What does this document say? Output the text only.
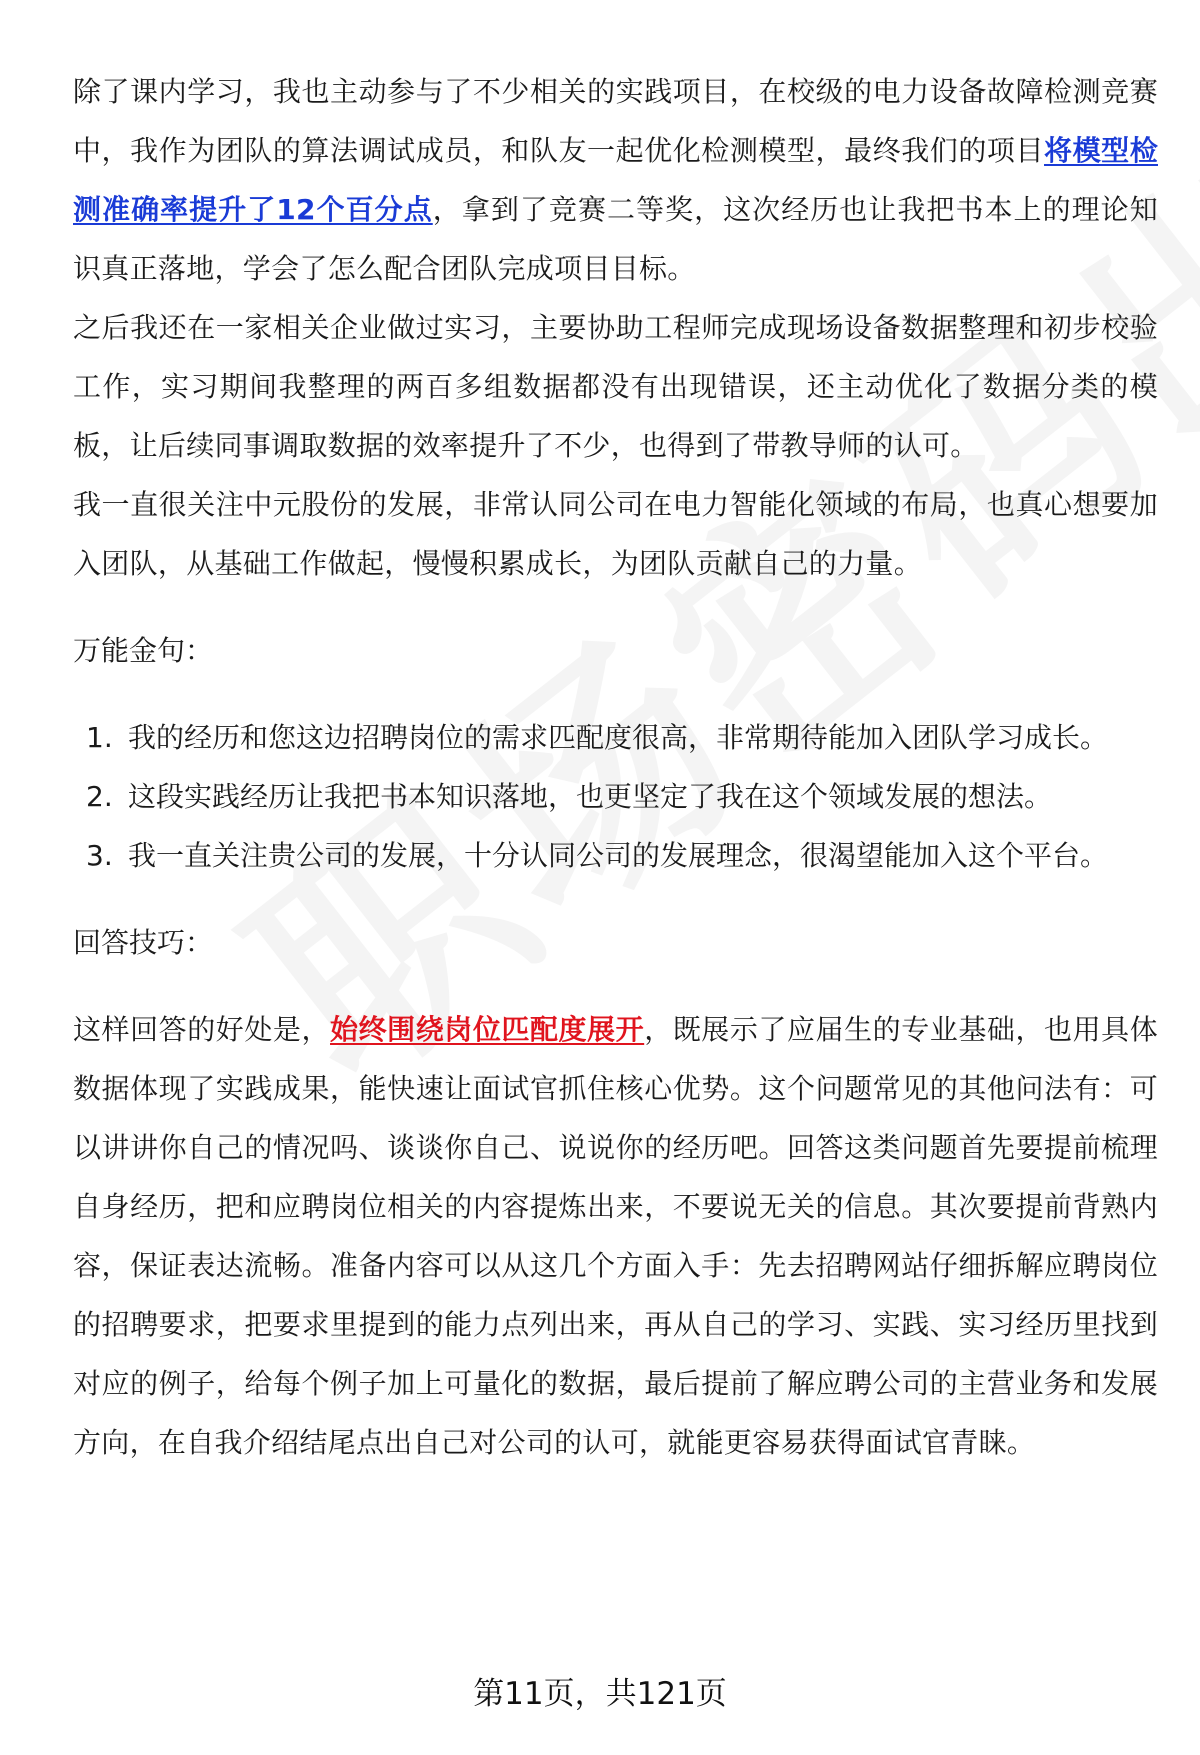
除了课内学习，我也主动参与了不少相关的实践项目，在校级的电力设备故障检测竞赛中，我作为团队的算法调试成员，和队友一起优化检测模型，最终我们的项目将模型检测准确率提升了12个百分点，拿到了竞赛二等奖，这次经历也让我把书本上的理论知识真正落地，学会了怎么配合团队完成项目目标。

之后我还在一家相关企业做过实习，主要协助工程师完成现场设备数据整理和初步校验工作，实习期间我整理的两百多组数据都没有出现错误，还主动优化了数据分类的模板，让后续同事调取数据的效率提升了不少，也得到了带教导师的认可。

我一直很关注中元股份的发展，非常认同公司在电力智能化领域的布局，也真心想要加入团队，从基础工作做起，慢慢积累成长，为团队贡献自己的力量。

万能金句：
1. 我的经历和您这边招聘岗位的需求匹配度很高，非常期待能加入团队学习成长。
2. 这段实践经历让我把书本知识落地，也更坚定了我在这个领域发展的想法。
3. 我一直关注贵公司的发展，十分认同公司的发展理念，很渴望能加入这个平台。
回答技巧：

这样回答的好处是，始终围绕岗位匹配度展开，既展示了应届生的专业基础，也用具体数据体现了实践成果，能快速让面试官抓住核心优势。这个问题常见的其他问法有：可以讲讲你自己的情况吗、谈谈你自己、说说你的经历吧。回答这类问题首先要提前梳理自身经历，把和应聘岗位相关的内容提炼出来，不要说无关的信息。其次要提前背熟内容，保证表达流畅。准备内容可以从这几个方面入手：先去招聘网站仔细拆解应聘岗位的招聘要求，把要求里提到的能力点列出来，再从自己的学习、实践、实习经历里找到对应的例子，给每个例子加上可量化的数据，最后提前了解应聘公司的主营业务和发展方向，在自我介绍结尾点出自己对公司的认可，就能更容易获得面试官青睐。

第11页，共121页
